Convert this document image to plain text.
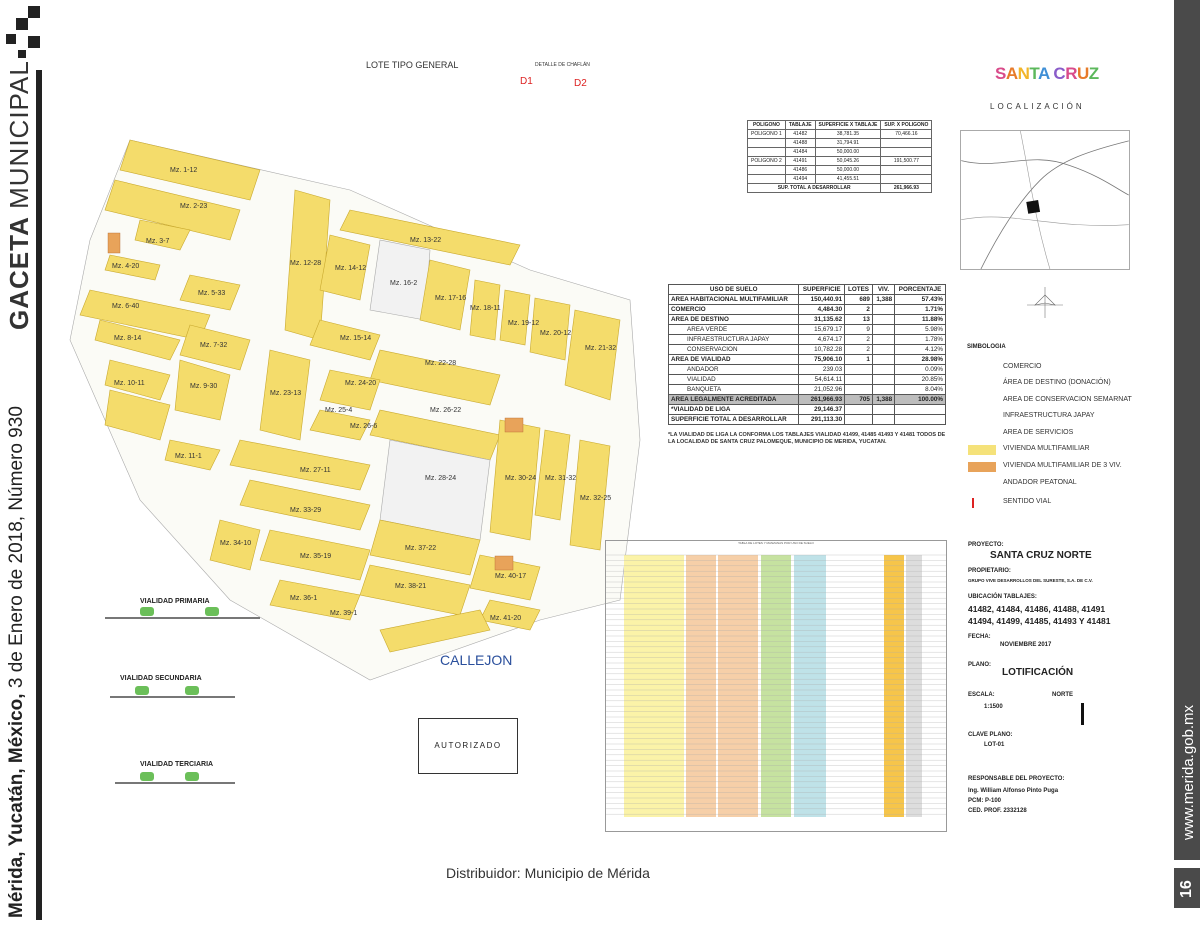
GACETA MUNICIPAL
Mérida, Yucatán, México, 3 de Enero de 2018, Número 930
16
Mz. 1-12
Mz. 2-23
Mz. 3-7
Mz. 4-20
Mz. 5-33
Mz. 6-40
Mz. 7-32
Mz. 8-14
Mz. 9-30
Mz. 10-11
Mz. 11-1
Mz. 12-28
Mz. 13-22
Mz. 14-12
Mz. 15-14
Mz. 16-2
Mz. 17-16
Mz. 18-11
Mz. 19-12
Mz. 20-12
Mz. 21-32
Mz. 22-28
Mz. 23-13
Mz. 24-20
Mz. 25-4
Mz. 26-6
Mz. 26-22
Mz. 27-11
Mz. 28-24	Mz. 30-24 Mz. 31-32
Mz. 32-25
Mz. 33-29
Mz. 34-10
Mz. 35-19
Mz. 36-1
Mz. 37-22
Mz. 38-21
Mz. 39-1
Mz. 40-17
Mz. 41-20
LOTE TIPO GENERAL	DETALLE DE CHAFLÁN
D1	D2
CALLEJON
VIALIDAD PRIMARIA
VIALIDAD SECUNDARIA
VIALIDAD TERCIARIA
AUTORIZADO
POLIGONO	TABLAJE	SUPERFICIE X TABLAJE	SUP. X POLIGONO
POLIGONO 1	41482	38,781.35	70,466.16
	41488	31,794.91	
	41484	50,000.00	
POLIGONO 2	41491	50,045.26	191,500.77
	41486	50,000.00	
	41494	41,455.51	
SUP. TOTAL A DESARROLLAR			261,966.93
USO DE SUELO	SUPERFICIE	LOTES	VIV.	PORCENTAJE
AREA HABITACIONAL MULTIFAMILIAR	150,440.91	689	1,388	57.43%
COMERCIO	4,484.30	2		1.71%
AREA DE DESTINO	31,135.62	13		11.88%
AREA VERDE	15,679.17	9		5.98%
INFRAESTRUCTURA JAPAY	4,674.17	2		1.78%
CONSERVACION	10,782.28	2		4.12%
AREA DE VIALIDAD	75,906.10	1		28.98%
ANDADOR	239.03			0.09%
VIALIDAD	54,614.11			20.85%
BANQUETA	21,052.96			8.04%
AREA LEGALMENTE ACREDITADA	261,966.93	705	1,388	100.00%
*VIALIDAD DE LIGA	29,146.37			
SUPERFICIE TOTAL A DESARROLLAR	291,113.30			
*LA VIALIDAD DE LIGA LA CONFORMA LOS TABLAJES VIALIDAD 41499, 41485 41493 Y 41481 TODOS DE LA LOCALIDAD DE SANTA CRUZ PALOMEQUE, MUNICIPIO DE MERIDA, YUCATAN.
SANTA CRUZ
LOCALIZACIÓN
SIMBOLOGIA
COMERCIO
ÁREA DE DESTINO (DONACIÓN)
AREA DE CONSERVACION SEMARNAT
INFRAESTRUCTURA JAPAY
AREA DE SERVICIOS
VIVIENDA MULTIFAMILIAR
VIVIENDA MULTIFAMILIAR DE 3 VIV.
ANDADOR PEATONAL
SENTIDO VIAL
PROYECTO:
SANTA CRUZ NORTE
PROPIETARIO:
GRUPO VIVE DESARROLLOS DEL SURESTE, S.A. DE C.V.
UBICACIÓN TABLAJES:
41482, 41484, 41486, 41488, 41491
41494, 41499, 41485, 41493 Y 41481
FECHA:
NOVIEMBRE 2017
PLANO:
LOTIFICACIÓN
ESCALA:	NORTE
1:1500
CLAVE PLANO:
LOT-01
RESPONSABLE DEL PROYECTO:
Ing. William Alfonso Pinto Puga
PCM: P-100
CED. PROF. 2332128
TABLA DE LOTES Y MANZANAS POR USO DE SUELO
Distribuidor: Municipio de Mérida
